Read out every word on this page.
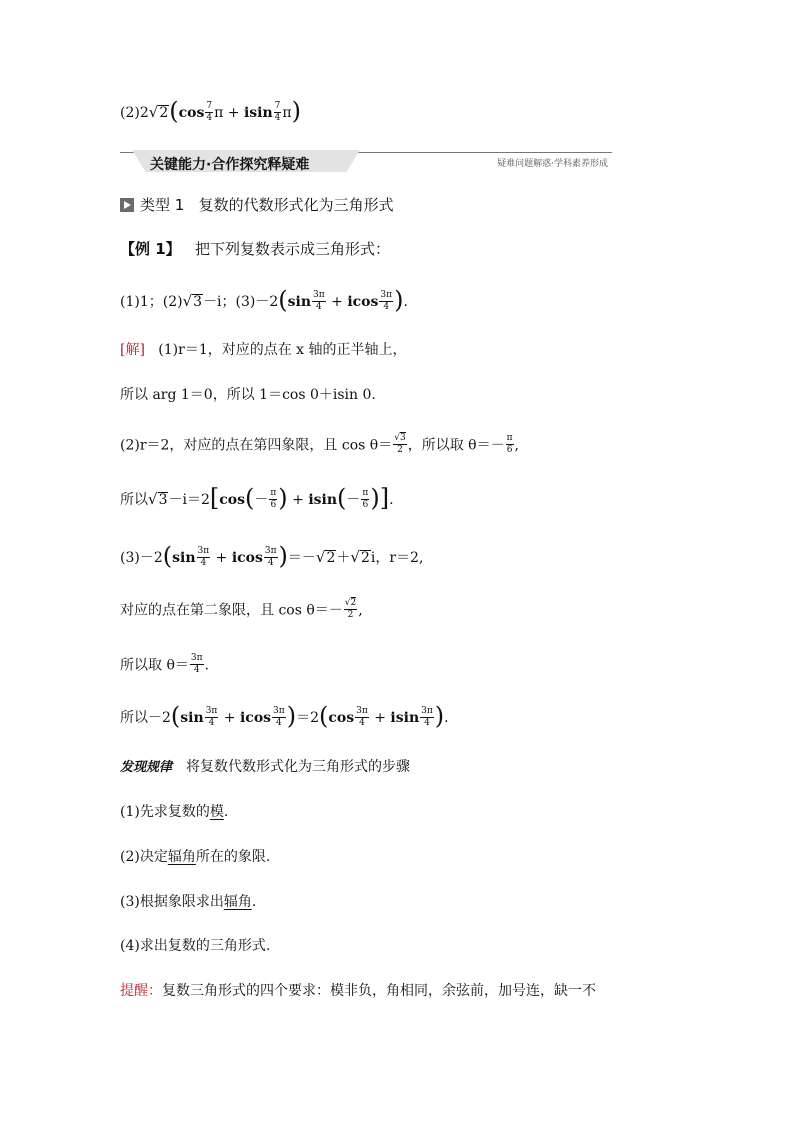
$(2)2√2(\cos \frac{7}{4}$ π + isin $\frac{7}{4} \pi$)
关键能力·合作探究释疑难	疑难问题解惑·学科素养形成
类型 1 复数的代数形式化为三角形式
【例 1】 把下列复数表示成三角形式：
(1)1；(2)√3－i；$(3)-2(\sin \frac{3\pi}{4} + icos \frac{3\pi}{4}$ ).
[解] (1)r＝1，对应的点在 x 轴的正半轴上，
所以 arg 1＝0，所以 1＝cos 0＋isin 0.
(2)r＝2，对应的点在第四象限，且 $\cos \theta= \frac{√3}{2}$ ，所以取 $\theta=- \frac{\pi}{6}$ ,
所以$√3-i=2[\cos(- \frac{\pi}{6}$ ) + $isin(- \frac{\pi}{6}$ )].
$(3)-2(\sin \frac{3\pi}{4} + icos \frac{3\pi}{4} )=-√2+√2i$，r＝2,
对应的点在第二象限，且 $\cos \theta=- \frac{√2}{2}$ ,
所以取 $\theta= \frac{3\pi}{4}$ .
所以$-2(\sin \frac{3\pi}{4} + icos \frac{3\pi}{4} )=2(\cos \frac{3\pi}{4} + isin \frac{3\pi}{4}$ ).
发现规律 将复数代数形式化为三角形式的步骤
(1)先求复数的模.
(2)决定辐角所在的象限.
(3)根据象限求出辐角.
(4)求出复数的三角形式.
提醒：复数三角形式的四个要求：模非负，角相同，余弦前，加号连，缺一不
